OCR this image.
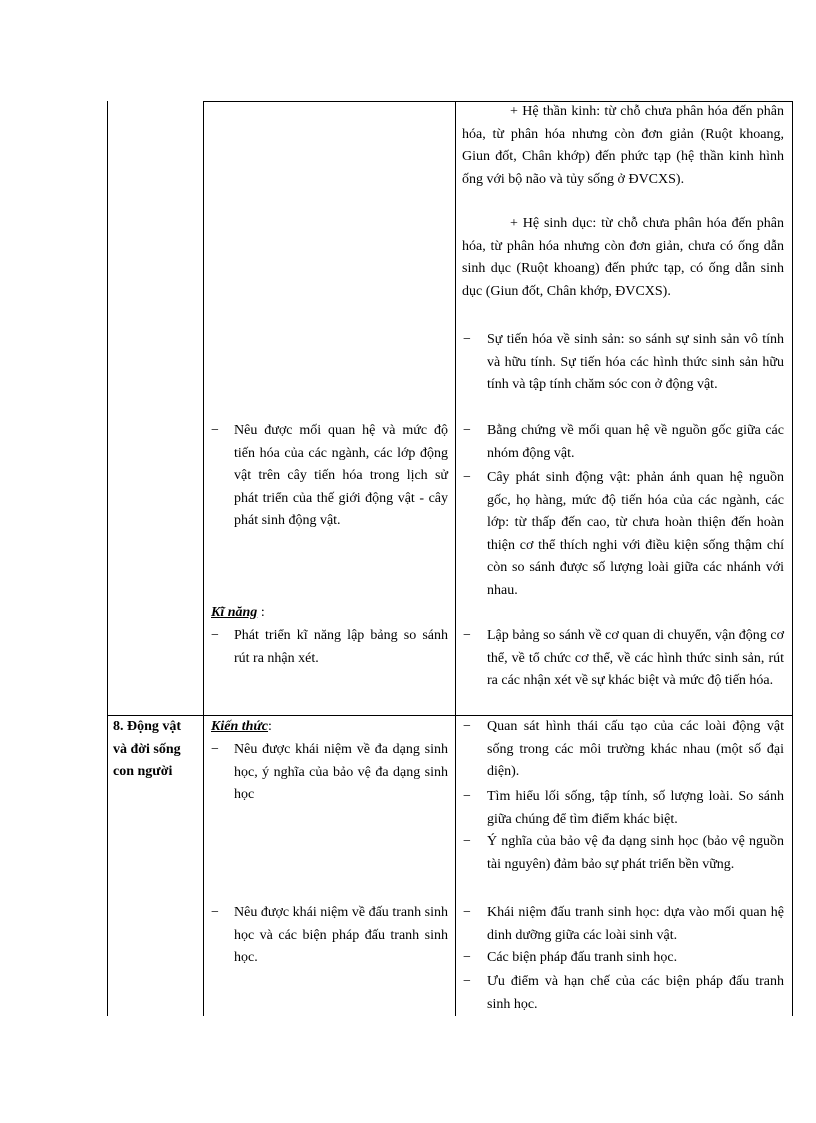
+ Hệ thần kinh: từ chỗ chưa phân hóa đến phân hóa, từ phân hóa nhưng còn đơn giản (Ruột khoang, Giun đốt, Chân khớp) đến phức tạp (hệ thần kinh hình ống với bộ não và tủy sống ở ĐVCXS).
+ Hệ sinh dục: từ chỗ chưa phân hóa đến phân hóa, từ phân hóa nhưng còn đơn giản, chưa có ống dẫn sinh dục (Ruột khoang) đến phức tạp, có ống dẫn sinh dục (Giun đốt, Chân khớp, ĐVCXS).
− Sự tiến hóa về sinh sản: so sánh sự sinh sản vô tính và hữu tính. Sự tiến hóa các hình thức sinh sản hữu tính và tập tính chăm sóc con ở động vật.
− Bằng chứng về mối quan hệ về nguồn gốc giữa các nhóm động vật.
− Cây phát sinh động vật: phản ánh quan hệ nguồn gốc, họ hàng, mức độ tiến hóa của các ngành, các lớp: từ thấp đến cao, từ chưa hoàn thiện đến hoàn thiện cơ thể thích nghi với điều kiện sống thậm chí còn so sánh được số lượng loài giữa các nhánh với nhau.
− Lập bảng so sánh về cơ quan di chuyển, vận động cơ thể, về tổ chức cơ thể, về các hình thức sinh sản, rút ra các nhận xét về sự khác biệt và mức độ tiến hóa.
− Nêu được mối quan hệ và mức độ tiến hóa của các ngành, các lớp động vật trên cây tiến hóa trong lịch sử phát triển của thế giới động vật - cây phát sinh động vật.
Kĩ năng :
− Phát triển kĩ năng lập bảng so sánh rút ra nhận xét.
8. Động vật
và đời sống
con người
Kiến thức:
− Nêu được khái niệm về đa dạng sinh học, ý nghĩa của bảo vệ đa dạng sinh học
− Nêu được khái niệm về đấu tranh sinh học và các biện pháp đấu tranh sinh học.
− Quan sát hình thái cấu tạo của các loài động vật sống trong các môi trường khác nhau (một số đại diện).
− Tìm hiểu lối sống, tập tính, số lượng loài. So sánh giữa chúng để tìm điểm khác biệt.
− Ý nghĩa của bảo vệ đa dạng sinh học (bảo vệ nguồn tài nguyên) đảm bảo sự phát triển bền vững.
− Khái niệm đấu tranh sinh học: dựa vào mối quan hệ dinh dưỡng giữa các loài sinh vật.
− Các biện pháp đấu tranh sinh học.
− Ưu điểm và hạn chế của các biện pháp đấu tranh sinh học.
